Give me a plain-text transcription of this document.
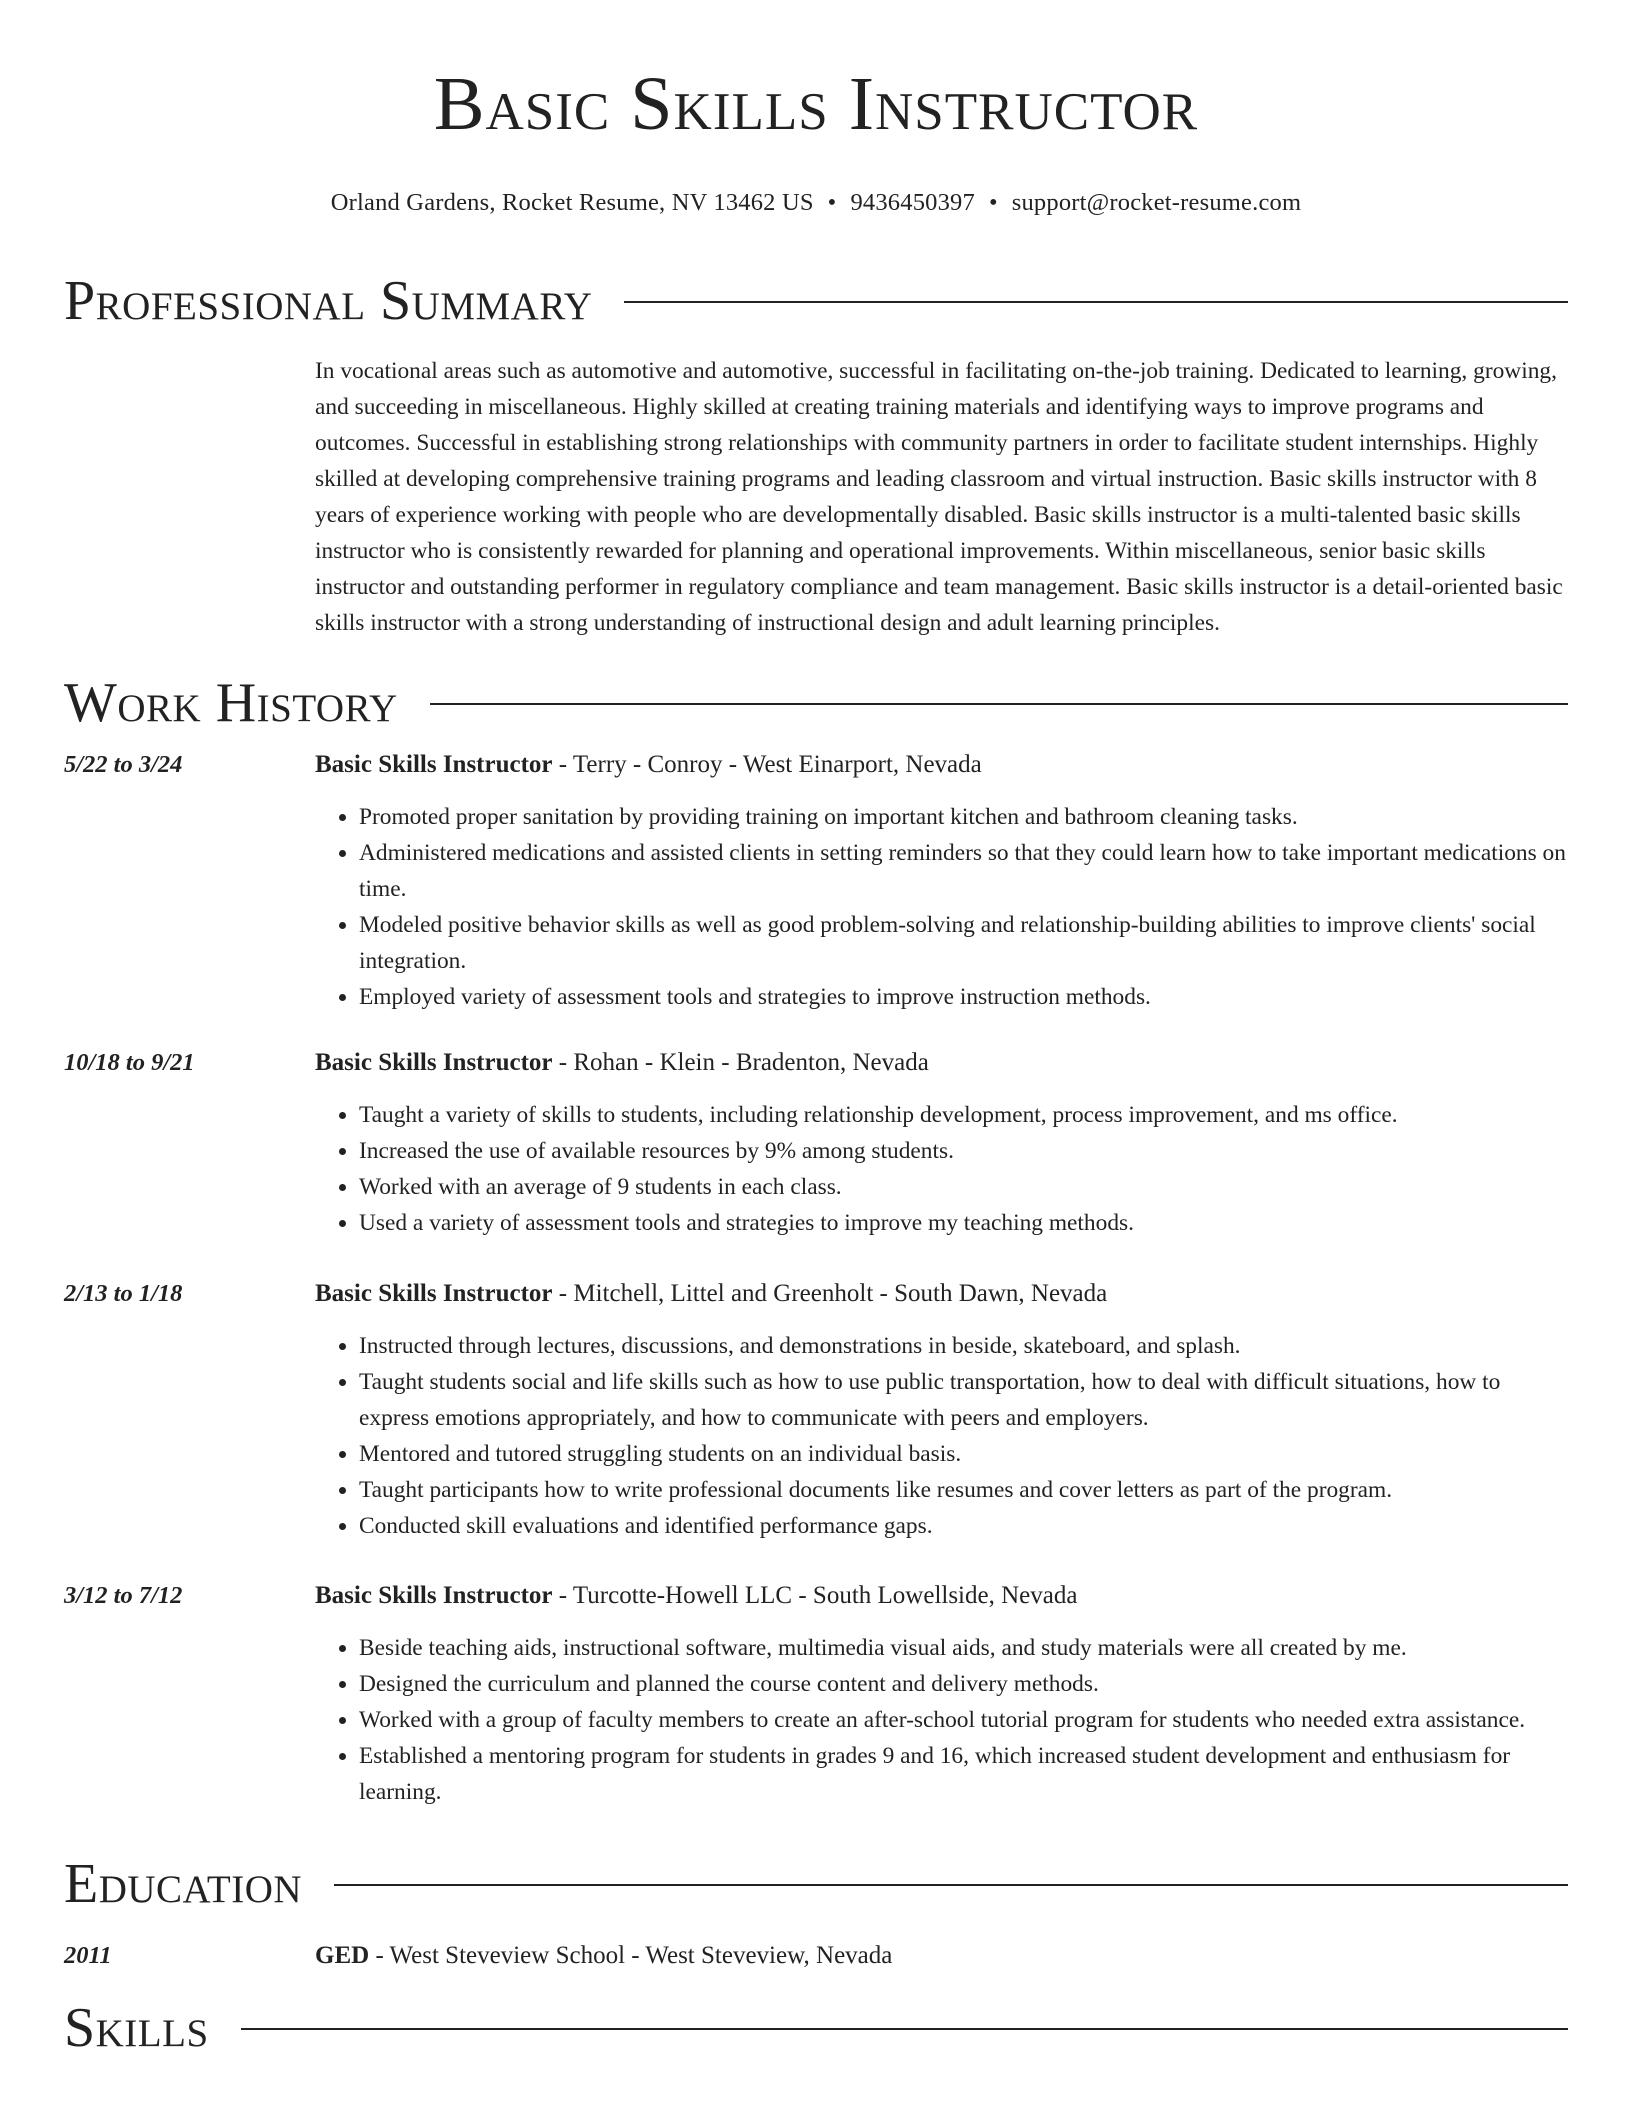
Basic Skills Instructor
Orland Gardens, Rocket Resume, NV 13462 US • 9436450397 • support@rocket-resume.com
Professional Summary
In vocational areas such as automotive and automotive, successful in facilitating on-the-job training. Dedicated to learning, growing, and succeeding in miscellaneous. Highly skilled at creating training materials and identifying ways to improve programs and outcomes. Successful in establishing strong relationships with community partners in order to facilitate student internships. Highly skilled at developing comprehensive training programs and leading classroom and virtual instruction. Basic skills instructor with 8 years of experience working with people who are developmentally disabled. Basic skills instructor is a multi-talented basic skills instructor who is consistently rewarded for planning and operational improvements. Within miscellaneous, senior basic skills instructor and outstanding performer in regulatory compliance and team management. Basic skills instructor is a detail-oriented basic skills instructor with a strong understanding of instructional design and adult learning principles.
Work History
5/22 to 3/24	Basic Skills Instructor - Terry - Conroy - West Einarport, Nevada
• Promoted proper sanitation by providing training on important kitchen and bathroom cleaning tasks.
• Administered medications and assisted clients in setting reminders so that they could learn how to take important medications on time.
• Modeled positive behavior skills as well as good problem-solving and relationship-building abilities to improve clients' social integration.
• Employed variety of assessment tools and strategies to improve instruction methods.
10/18 to 9/21	Basic Skills Instructor - Rohan - Klein - Bradenton, Nevada
• Taught a variety of skills to students, including relationship development, process improvement, and ms office.
• Increased the use of available resources by 9% among students.
• Worked with an average of 9 students in each class.
• Used a variety of assessment tools and strategies to improve my teaching methods.
2/13 to 1/18	Basic Skills Instructor - Mitchell, Littel and Greenholt - South Dawn, Nevada
• Instructed through lectures, discussions, and demonstrations in beside, skateboard, and splash.
• Taught students social and life skills such as how to use public transportation, how to deal with difficult situations, how to express emotions appropriately, and how to communicate with peers and employers.
• Mentored and tutored struggling students on an individual basis.
• Taught participants how to write professional documents like resumes and cover letters as part of the program.
• Conducted skill evaluations and identified performance gaps.
3/12 to 7/12	Basic Skills Instructor - Turcotte-Howell LLC - South Lowellside, Nevada
• Beside teaching aids, instructional software, multimedia visual aids, and study materials were all created by me.
• Designed the curriculum and planned the course content and delivery methods.
• Worked with a group of faculty members to create an after-school tutorial program for students who needed extra assistance.
• Established a mentoring program for students in grades 9 and 16, which increased student development and enthusiasm for learning.
Education
2011	GED - West Steveview School - West Steveview, Nevada
Skills
